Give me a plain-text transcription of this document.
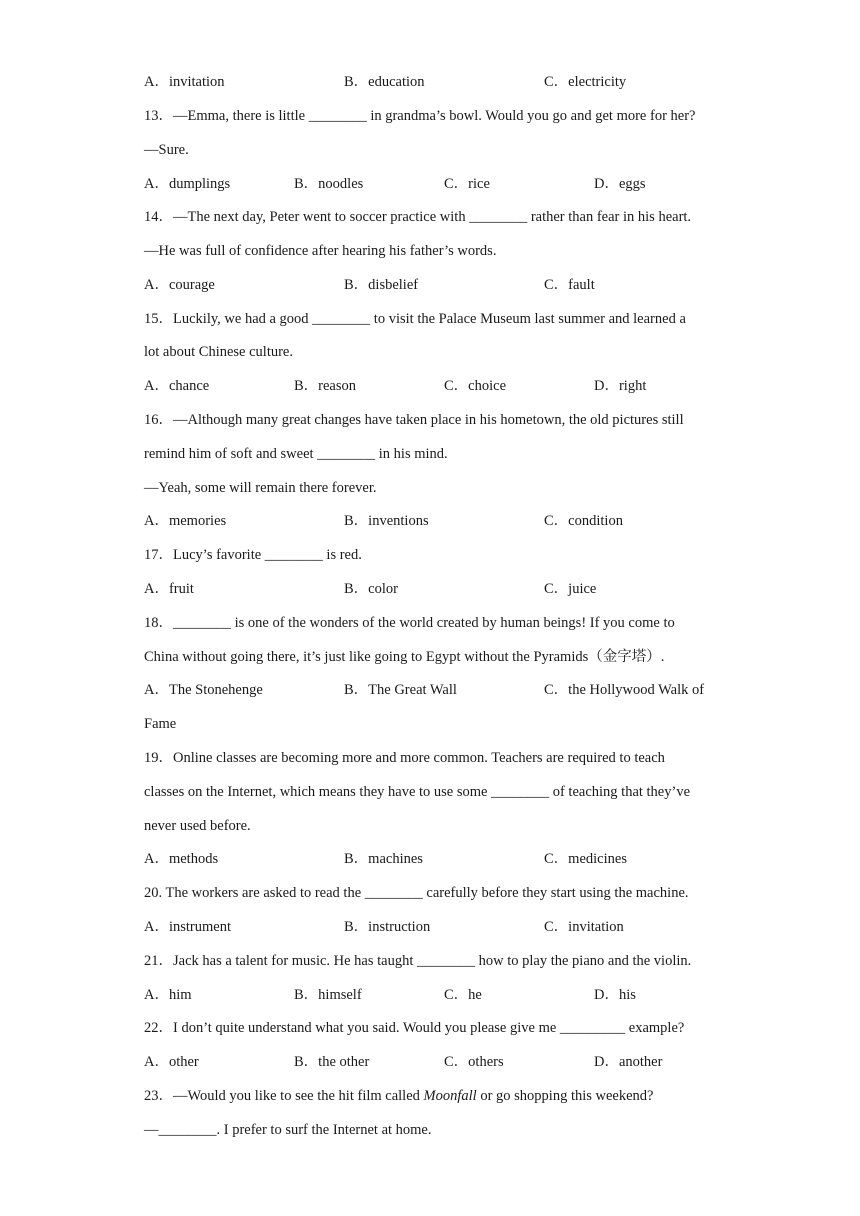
A．invitation	B．education	C．electricity
13．—Emma, there is little ________ in grandma’s bowl. Would you go and get more for her?
—Sure.
A．dumplings	B．noodles	C．rice	D．eggs
14．—The next day, Peter went to soccer practice with ________ rather than fear in his heart.
—He was full of confidence after hearing his father’s words.
A．courage	B．disbelief	C．fault
15．Luckily, we had a good ________ to visit the Palace Museum last summer and learned a
lot about Chinese culture.
A．chance	B．reason	C．choice	D．right
16．—Although many great changes have taken place in his hometown, the old pictures still
remind him of soft and sweet ________ in his mind.
—Yeah, some will remain there forever.
A．memories	B．inventions	C．condition
17．Lucy’s favorite ________ is red.
A．fruit	B．color	C．juice
18．________ is one of the wonders of the world created by human beings! If you come to
China without going there, it’s just like going to Egypt without the Pyramids（金字塔）.
A．The Stonehenge	B．The Great Wall	C．the Hollywood Walk of
Fame
19．Online classes are becoming more and more common. Teachers are required to teach
classes on the Internet, which means they have to use some ________ of teaching that they’ve
never used before.
A．methods	B．machines	C．medicines
20. The workers are asked to read the ________ carefully before they start using the machine.
A．instrument	B．instruction	C．invitation
21．Jack has a talent for music. He has taught ________ how to play the piano and the violin.
A．him	B．himself	C．he	D．his
22．I don’t quite understand what you said. Would you please give me _________ example?
A．other	B．the other	C．others	D．another
23．—Would you like to see the hit film called Moonfall or go shopping this weekend?
—________. I prefer to surf the Internet at home.
